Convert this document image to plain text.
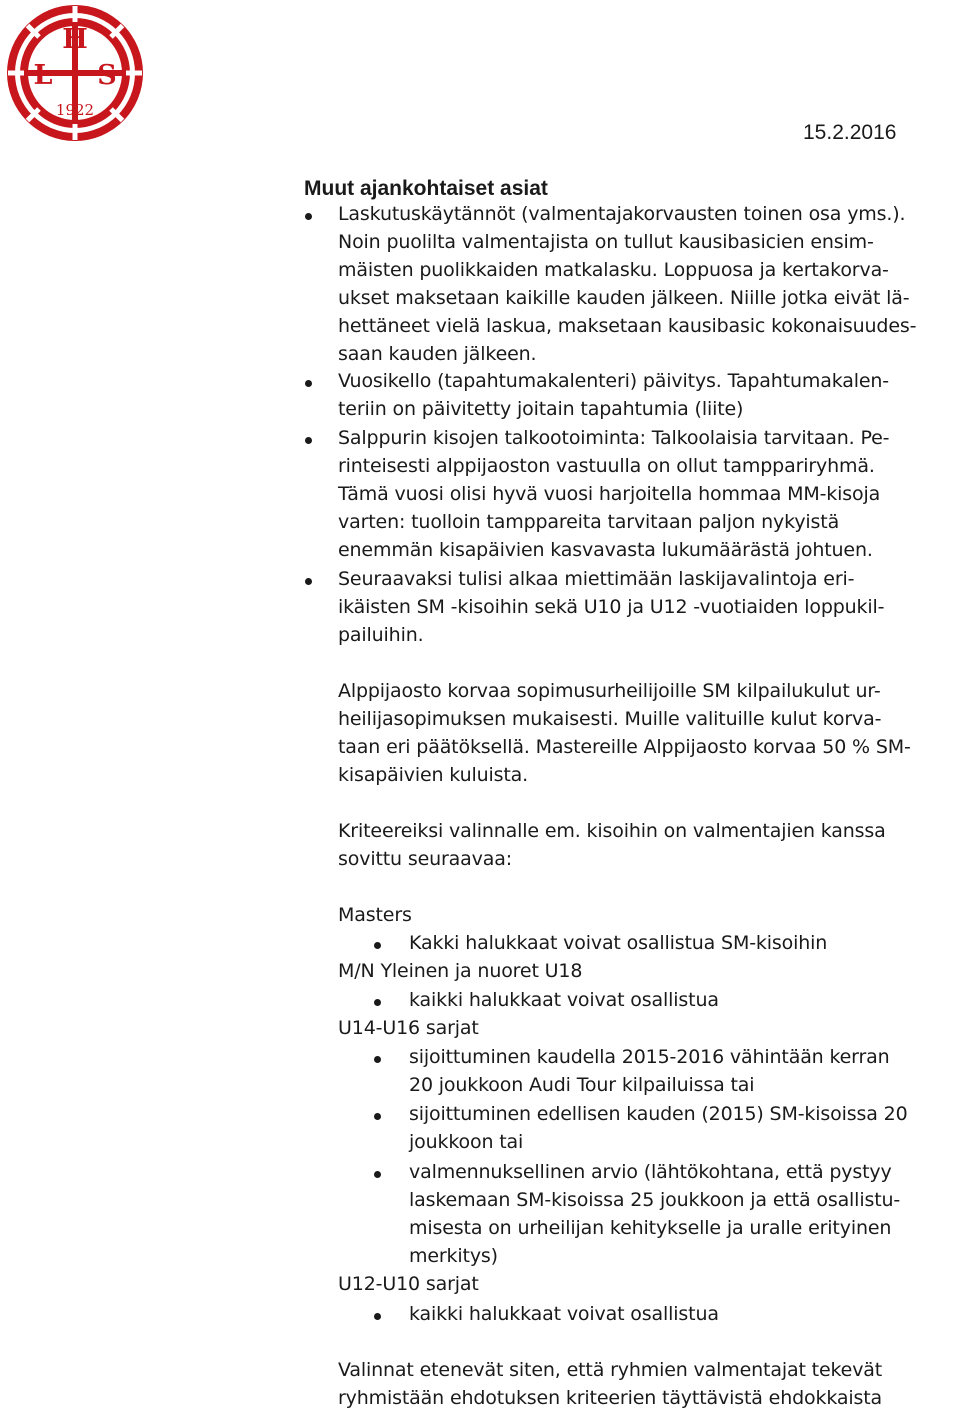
H
L S
1922
15.2.2016
Muut ajankohtaiset asiat
Laskutuskäytännöt (valmentajakorvausten toinen osa yms.).
Noin puolilta valmentajista on tullut kausibasicien ensim-
mäisten puolikkaiden matkalasku. Loppuosa ja kertakorva-
ukset maksetaan kaikille kauden jälkeen. Niille jotka eivät lä-
hettäneet vielä laskua, maksetaan kausibasic kokonaisuudes-
saan kauden jälkeen.
Vuosikello (tapahtumakalenteri) päivitys. Tapahtumakalen-
teriin on päivitetty joitain tapahtumia (liite)
Salppurin kisojen talkootoiminta: Talkoolaisia tarvitaan. Pe-
rinteisesti alppijaoston vastuulla on ollut tamppariryhmä.
Tämä vuosi olisi hyvä vuosi harjoitella hommaa MM-kisoja
varten: tuolloin tamppareita tarvitaan paljon nykyistä
enemmän kisapäivien kasvavasta lukumäärästä johtuen.
Seuraavaksi tulisi alkaa miettimään laskijavalintoja eri-
ikäisten SM -kisoihin sekä U10 ja U12 -vuotiaiden loppukil-
pailuihin.
Alppijaosto korvaa sopimusurheilijoille SM kilpailukulut ur-
heilijasopimuksen mukaisesti. Muille valituille kulut korva-
taan eri päätöksellä. Mastereille Alppijaosto korvaa 50 % SM-
kisapäivien kuluista.
Kriteereiksi valinnalle em. kisoihin on valmentajien kanssa
sovittu seuraavaa:
Masters
Kakki halukkaat voivat osallistua SM-kisoihin
M/N Yleinen ja nuoret U18
kaikki halukkaat voivat osallistua
U14-U16 sarjat
sijoittuminen kaudella 2015-2016 vähintään kerran
20 joukkoon Audi Tour kilpailuissa tai
sijoittuminen edellisen kauden (2015) SM-kisoissa 20
joukkoon tai
valmennuksellinen arvio (lähtökohtana, että pystyy
laskemaan SM-kisoissa 25 joukkoon ja että osallistu-
misesta on urheilijan kehitykselle ja uralle erityinen
merkitys)
U12-U10 sarjat
kaikki halukkaat voivat osallistua
Valinnat etenevät siten, että ryhmien valmentajat tekevät
ryhmistään ehdotuksen kriteerien täyttävistä ehdokkaista
